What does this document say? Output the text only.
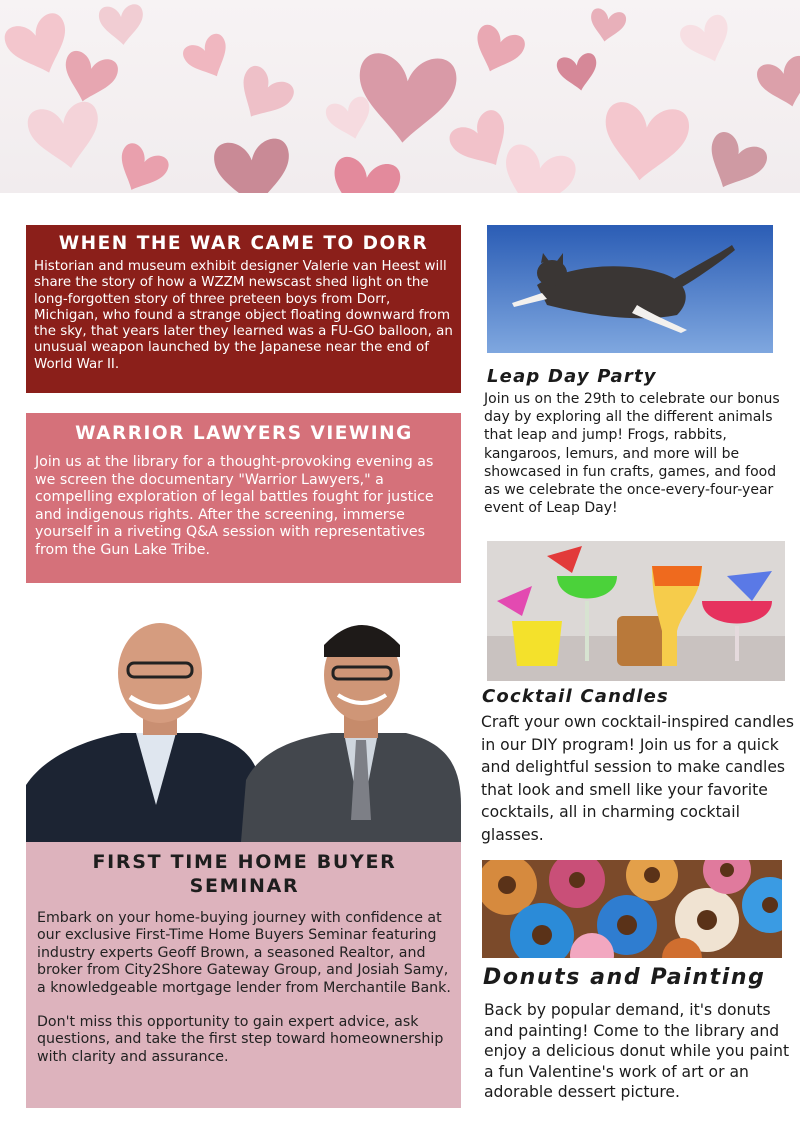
WHEN THE WAR CAME TO DORR

Historian and museum exhibit designer Valerie van Heest will share the story of how a WZZM newscast shed light on the long-forgotten story of three preteen boys from Dorr, Michigan, who found a strange object floating downward from the sky, that years later they learned was a FU-GO balloon, an unusual weapon launched by the Japanese near the end of World War II.

WARRIOR LAWYERS VIEWING

Join us at the library for a thought-provoking evening as we screen the documentary "Warrior Lawyers," a compelling exploration of legal battles fought for justice and indigenous rights. After the screening, immerse yourself in a riveting Q&A session with representatives from the Gun Lake Tribe.

FIRST TIME HOME BUYER SEMINAR

Embark on your home-buying journey with confidence at our exclusive First-Time Home Buyers Seminar featuring industry experts Geoff Brown, a seasoned Realtor, and broker from City2Shore Gateway Group, and Josiah Samy, a knowledgeable mortgage lender from Merchantile Bank.

Don't miss this opportunity to gain expert advice, ask questions, and take the first step toward homeownership with clarity and assurance.

Leap Day Party
Join us on the 29th to celebrate our bonus day by exploring all the different animals that leap and jump! Frogs, rabbits, kangaroos, lemurs, and more will be showcased in fun crafts, games, and food as we celebrate the once-every-four-year event of Leap Day!
Cocktail Candles
Craft your own cocktail-inspired candles in our DIY program! Join us for a quick and delightful session to make candles that look and smell like your favorite cocktails, all in charming cocktail glasses.
Donuts and Painting
Back by popular demand, it's donuts and painting! Come to the library and enjoy a delicious donut while you paint a fun Valentine's work of art or an adorable dessert picture.
